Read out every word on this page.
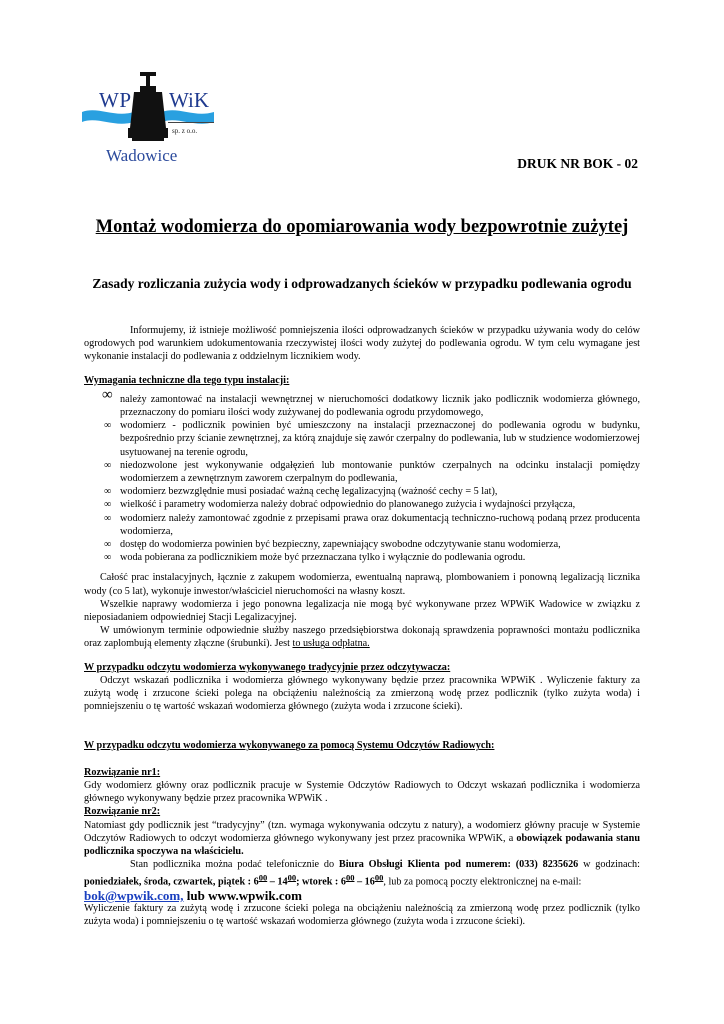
WP WiK
sp. z o.o.
Wadowice	DRUK NR BOK - 02
Montaż wodomierza do opomiarowania wody bezpowrotnie zużytej
Zasady rozliczania zużycia wody i odprowadzanych ścieków w przypadku podlewania ogrodu

Informujemy, iż istnieje możliwość pomniejszenia ilości odprowadzanych ścieków w przypadku używania wody do celów ogrodowych pod warunkiem udokumentowania rzeczywistej ilości wody zużytej do podlewania ogrodu. W tym celu wymagane jest wykonanie instalacji do podlewania z oddzielnym licznikiem wody.

Wymagania techniczne dla tego typu instalacji:

∞ należy zamontować na instalacji wewnętrznej w nieruchomości dodatkowy licznik jako podlicznik wodomierza głównego, przeznaczony do pomiaru ilości wody zużywanej do podlewania ogrodu przydomowego,
∞ wodomierz - podlicznik powinien być umieszczony na instalacji przeznaczonej do podlewania ogrodu w budynku, bezpośrednio przy ścianie zewnętrznej, za którą znajduje się zawór czerpalny do podlewania, lub w studzience wodomierzowej usytuowanej na terenie ogrodu,
∞ niedozwolone jest wykonywanie odgałęzień lub montowanie punktów czerpalnych na odcinku instalacji pomiędzy wodomierzem a zewnętrznym zaworem czerpalnym do podlewania,
∞ wodomierz bezwzględnie musi posiadać ważną cechę legalizacyjną (ważność cechy = 5 lat),
∞ wielkość i parametry wodomierza należy dobrać odpowiednio do planowanego zużycia i wydajności przyłącza,
∞ wodomierz należy zamontować zgodnie z przepisami prawa oraz dokumentacją techniczno-ruchową podaną przez producenta wodomierza,
∞ dostęp do wodomierza powinien być bezpieczny, zapewniający swobodne odczytywanie stanu wodomierza,
∞ woda pobierana za podlicznikiem może być przeznaczana tylko i wyłącznie do podlewania ogrodu.

Całość prac instalacyjnych, łącznie z zakupem wodomierza, ewentualną naprawą, plombowaniem i ponowną legalizacją licznika wody (co 5 lat), wykonuje inwestor/właściciel nieruchomości na własny koszt.

Wszelkie naprawy wodomierza i jego ponowna legalizacja nie mogą być wykonywane przez WPWiK Wadowice w związku z nieposiadaniem odpowiedniej Stacji Legalizacyjnej.

W umówionym terminie odpowiednie służby naszego przedsiębiorstwa dokonają sprawdzenia poprawności montażu podlicznika oraz zaplombują elementy złączne (śrubunki). Jest to usługa odpłatna.

W przypadku odczytu wodomierza wykonywanego tradycyjnie przez odczytywacza:

Odczyt wskazań podlicznika i wodomierza głównego wykonywany będzie przez pracownika WPWiK . Wyliczenie faktury za zużytą wodę i zrzucone ścieki polega na obciążeniu należnością za zmierzoną wodę przez podlicznik (tylko zużyta woda) i pomniejszeniu o tę wartość wskazań wodomierza głównego (zużyta woda i zrzucone ścieki).

W przypadku odczytu wodomierza wykonywanego za pomocą Systemu Odczytów Radiowych:

Rozwiązanie nr1:

Gdy wodomierz główny oraz podlicznik pracuje w Systemie Odczytów Radiowych to Odczyt wskazań podlicznika i wodomierza głównego wykonywany będzie przez pracownika WPWiK .

Rozwiązanie nr2:

Natomiast gdy podlicznik jest “tradycyjny” (tzn. wymaga wykonywania odczytu z natury), a wodomierz główny pracuje w Systemie Odczytów Radiowych to odczyt wodomierza głównego wykonywany jest przez pracownika WPWiK, a obowiązek podawania stanu podlicznika spoczywa na właścicielu.

Stan podlicznika można podać telefonicznie do Biura Obsługi Klienta pod numerem: (033) 8235626 w godzinach: poniedziałek, środa, czwartek, piątek : $6^{00} - 14^{00}$; wtorek : $6^{00} - 16^{00}$, lub za pomocą poczty elektronicznej na e-mail:

bok@wpwik.com, lub www.wpwik.com

Wyliczenie faktury za zużytą wodę i zrzucone ścieki polega na obciążeniu należnością za zmierzoną wodę przez podlicznik (tylko zużyta woda) i pomniejszeniu o tę wartość wskazań wodomierza głównego (zużyta woda i zrzucone ścieki).
